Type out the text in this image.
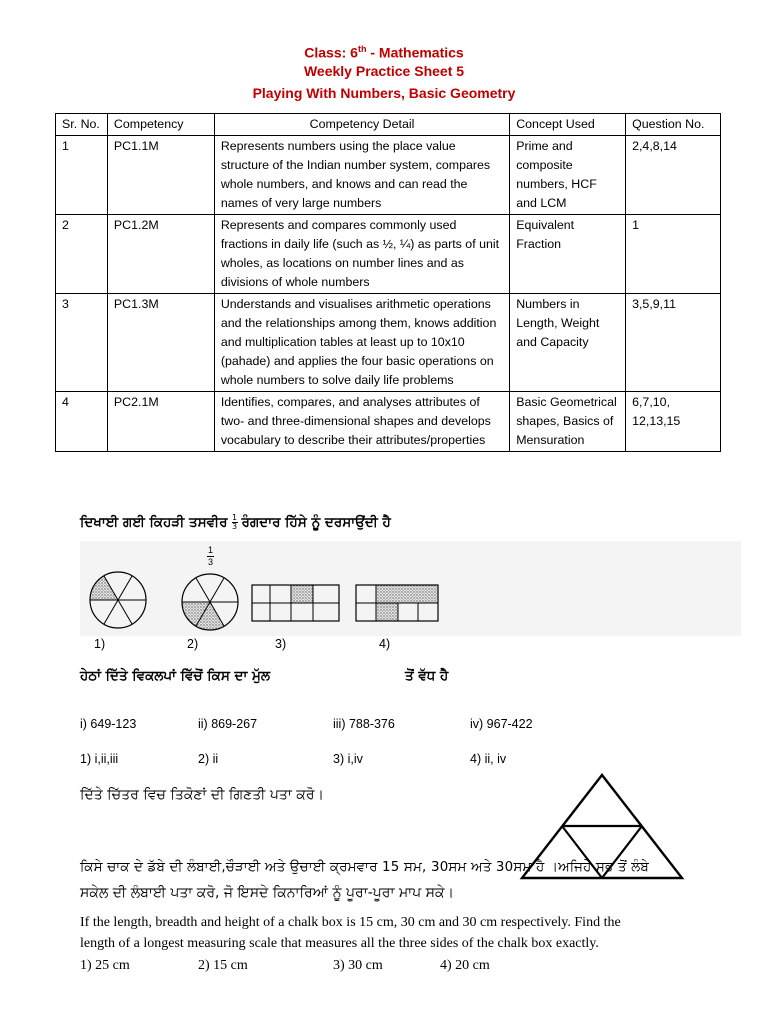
Class: 6th - Mathematics
Weekly Practice Sheet 5
Playing With Numbers, Basic Geometry
Sr. No.	Competency	Competency Detail	Concept Used	Question No.
1	PC1.1M	Represents numbers using the place value structure of the Indian number system, compares whole numbers, and knows and can read the names of very large numbers	Prime and composite numbers, HCF and LCM	2,4,8,14
2	PC1.2M	Represents and compares commonly used fractions in daily life (such as ½, ¼) as parts of unit wholes, as locations on number lines and as divisions of whole numbers	Equivalent Fraction	1
3	PC1.3M	Understands and visualises arithmetic operations and the relationships among them, knows addition and multiplication tables at least up to 10x10 (pahade) and applies the four basic operations on whole numbers to solve daily life problems	Numbers in Length, Weight and Capacity	3,5,9,11
4	PC2.1M	Identifies, compares, and analyses attributes of two- and three-dimensional shapes and develops vocabulary to describe their attributes/properties	Basic Geometrical shapes, Basics of Mensuration	6,7,10, 12,13,15
ਦਿਖਾਈ ਗਈ ਕਿਹੜੀ ਤਸਵੀਰ $\frac{1}{3}$ ਰੰਗਦਾਰ ਹਿੱਸੇ ਨੂੰ ਦਰਸਾਉਂਦੀ ਹੈ
1
3
1)	2)	3)	4)
ਹੇਠਾਂ ਦਿੱਤੇ ਵਿਕਲਪਾਂ ਵਿੱਚੋਂ ਕਿਸ ਦਾ ਮੁੱਲ	ਤੋਂ ਵੱਧ ਹੈ
i) 649-123	ii) 869-267	iii) 788-376	iv) 967-422
1) i,ii,iii	2) ii	3) i,iv	4) ii, iv
ਦਿੱਤੇ ਚਿੱਤਰ ਵਿਚ ਤਿਕੋਣਾਂ ਦੀ ਗਿਣਤੀ ਪਤਾ ਕਰੋ।
ਕਿਸੇ ਚਾਕ ਦੇ ਡੱਬੇ ਦੀ ਲੰਬਾਈ,ਚੌੜਾਈ ਅਤੇ ਉਚਾਈ ਕ੍ਰਮਵਾਰ 15 ਸਮ, 30ਸਮ ਅਤੇ 30ਸਮ ਹੈ ।ਅਜਿਹੇ ਸਭ ਤੋਂ ਲੰਬੇ
ਸਕੇਲ ਦੀ ਲੰਬਾਈ ਪਤਾ ਕਰੋ, ਜੋ ਇਸਦੇ ਕਿਨਾਰਿਆਂ ਨੂੰ ਪੂਰਾ-ਪੂਰਾ ਮਾਪ ਸਕੇ।
If the length, breadth and height of a chalk box is 15 cm, 30 cm and 30 cm respectively. Find the
length of a longest measuring scale that measures all the three sides of the chalk box exactly.
1) 25 cm	2) 15 cm	3) 30 cm	4) 20 cm
